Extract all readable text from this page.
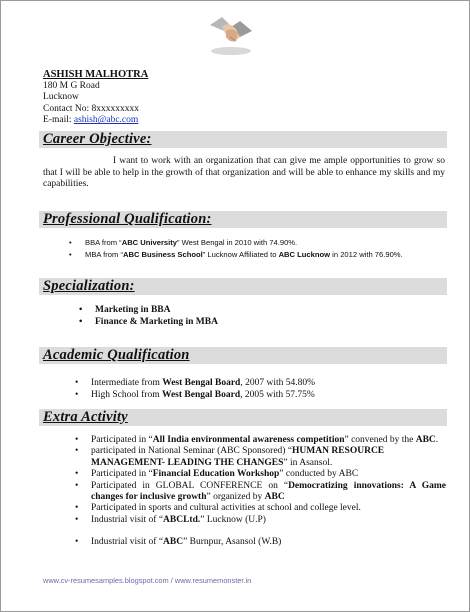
ASHISH MALHOTRA
180 M G Road
Lucknow
Contact No: 8xxxxxxxxx
E-mail: ashish@abc.com
Career Objective:
I want to work with an organization that can give me ample opportunities to grow so that I will be able to help in the growth of that organization and will be able to enhance my skills and my capabilities.
Professional Qualification:
• BBA from “ABC University” West Bengal in 2010 with 74.90%.
• MBA from “ABC Business School” Lucknow Affiliated to ABC Lucknow in 2012 with 76.90%.
Specialization:
• Marketing in BBA
• Finance & Marketing in MBA
Academic Qualification
• Intermediate from West Bengal Board, 2007 with 54.80%
• High School from West Bengal Board, 2005 with 57.75%
Extra Activity
• Participated in “All India environmental awareness competition” convened by the ABC.
• participated in National Seminar (ABC Sponsored) “HUMAN RESOURCE MANAGEMENT- LEADING THE CHANGES” in Asansol.
• Participated in “Financial Education Workshop” conducted by ABC
• Participated in GLOBAL CONFERENCE on “Democratizing innovations: A Game changes for inclusive growth” organized by ABC
• Participated in sports and cultural activities at school and college level.
• Industrial visit of “ABCLtd.” Lucknow (U.P)
• Industrial visit of “ABC” Burnpur, Asansol (W.B)
www.cv-resumesamples.blogspot.com / www.resumemonster.in
